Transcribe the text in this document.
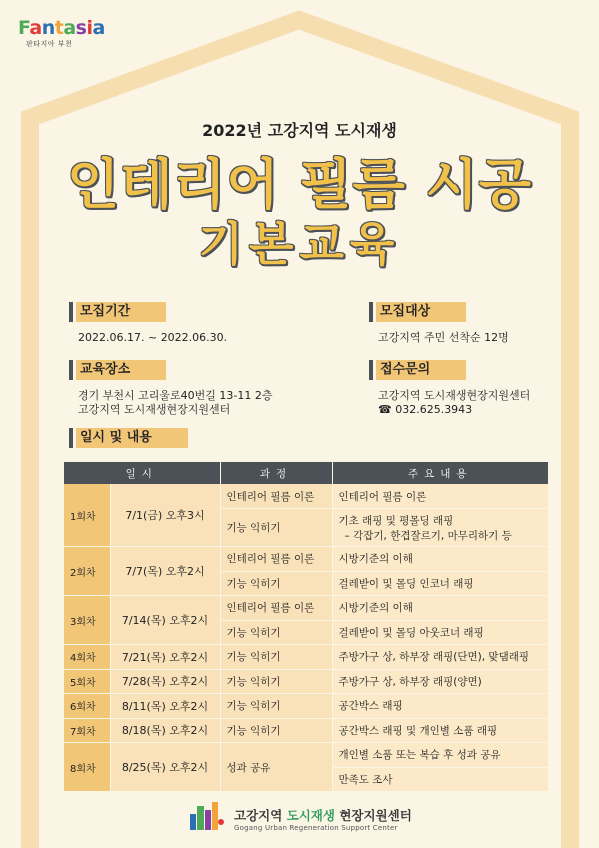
Fantasia
판타지아 부천
2022년 고강지역 도시재생
인테리어 필름 시공
기본교육
모집기간
2022.06.17. ~ 2022.06.30.
모집대상
고강지역 주민 선착순 12명
교육장소
경기 부천시 고리울로40번길 13-11 2층
고강지역 도시재생현장지원센터
접수문의
고강지역 도시재생현장지원센터
☎ 032.625.3943
일시 및 내용
일시		과정	주요내용
1회차	7/1(금) 오후3시	인테리어 필름 이론	인테리어 필름 이론

		기능 익히기	기초 래핑 및 평몰딩 래핑
– 각잡기, 한겹잘르기, 마무리하기 등

2회차	7/7(목) 오후2시	인테리어 필름 이론	시방기준의 이해

		기능 익히기	걸레받이 및 몰딩 인코너 래핑

3회차	7/14(목) 오후2시	인테리어 필름 이론	시방기준의 이해

		기능 익히기	걸레받이 및 몰딩 아웃코너 래핑

4회차	7/21(목) 오후2시	기능 익히기	주방가구 상, 하부장 래핑(단면), 맞댐래핑

5회차	7/28(목) 오후2시	기능 익히기	주방가구 상, 하부장 래핑(양면)

6회차	8/11(목) 오후2시	기능 익히기	공간박스 래핑

7회차	8/18(목) 오후2시	기능 익히기	공간박스 래핑 및 개인별 소품 래핑

8회차	8/25(목) 오후2시	성과 공유	개인별 소품 또는 복습 후 성과 공유

			만족도 조사
고강지역 도시재생 현장지원센터
Gogang Urban Regeneration Support Center
